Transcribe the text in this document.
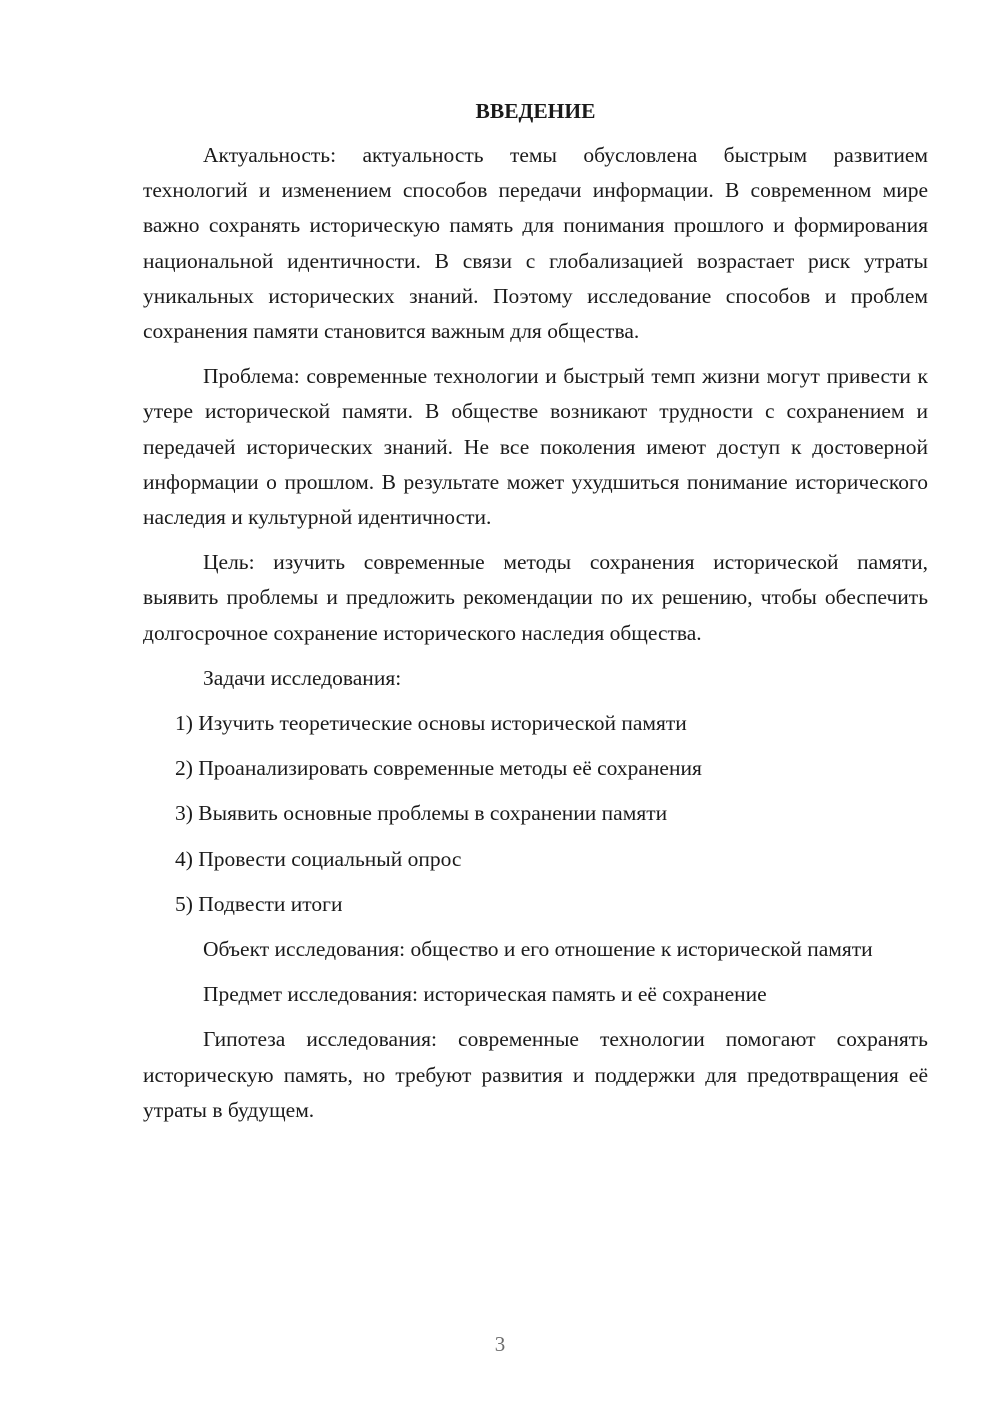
ВВЕДЕНИЕ

Актуальность: актуальность темы обусловлена быстрым развитием технологий и изменением способов передачи информации. В современном мире важно сохранять историческую память для понимания прошлого и формирования национальной идентичности. В связи с глобализацией возрастает риск утраты уникальных исторических знаний. Поэтому исследование способов и проблем сохранения памяти становится важным для общества.

Проблема: современные технологии и быстрый темп жизни могут привести к утере исторической памяти. В обществе возникают трудности с сохранением и передачей исторических знаний. Не все поколения имеют доступ к достоверной информации о прошлом. В результате может ухудшиться понимание исторического наследия и культурной идентичности.

Цель: изучить современные методы сохранения исторической памяти, выявить проблемы и предложить рекомендации по их решению, чтобы обеспечить долгосрочное сохранение исторического наследия общества.

Задачи исследования:
1) Изучить теоретические основы исторической памяти
2) Проанализировать современные методы её сохранения
3) Выявить основные проблемы в сохранении памяти
4) Провести социальный опрос
5) Подвести итоги

Объект исследования: общество и его отношение к исторической памяти

Предмет исследования: историческая память и её сохранение

Гипотеза исследования: современные технологии помогают сохранять историческую память, но требуют развития и поддержки для предотвращения её утраты в будущем.

3
